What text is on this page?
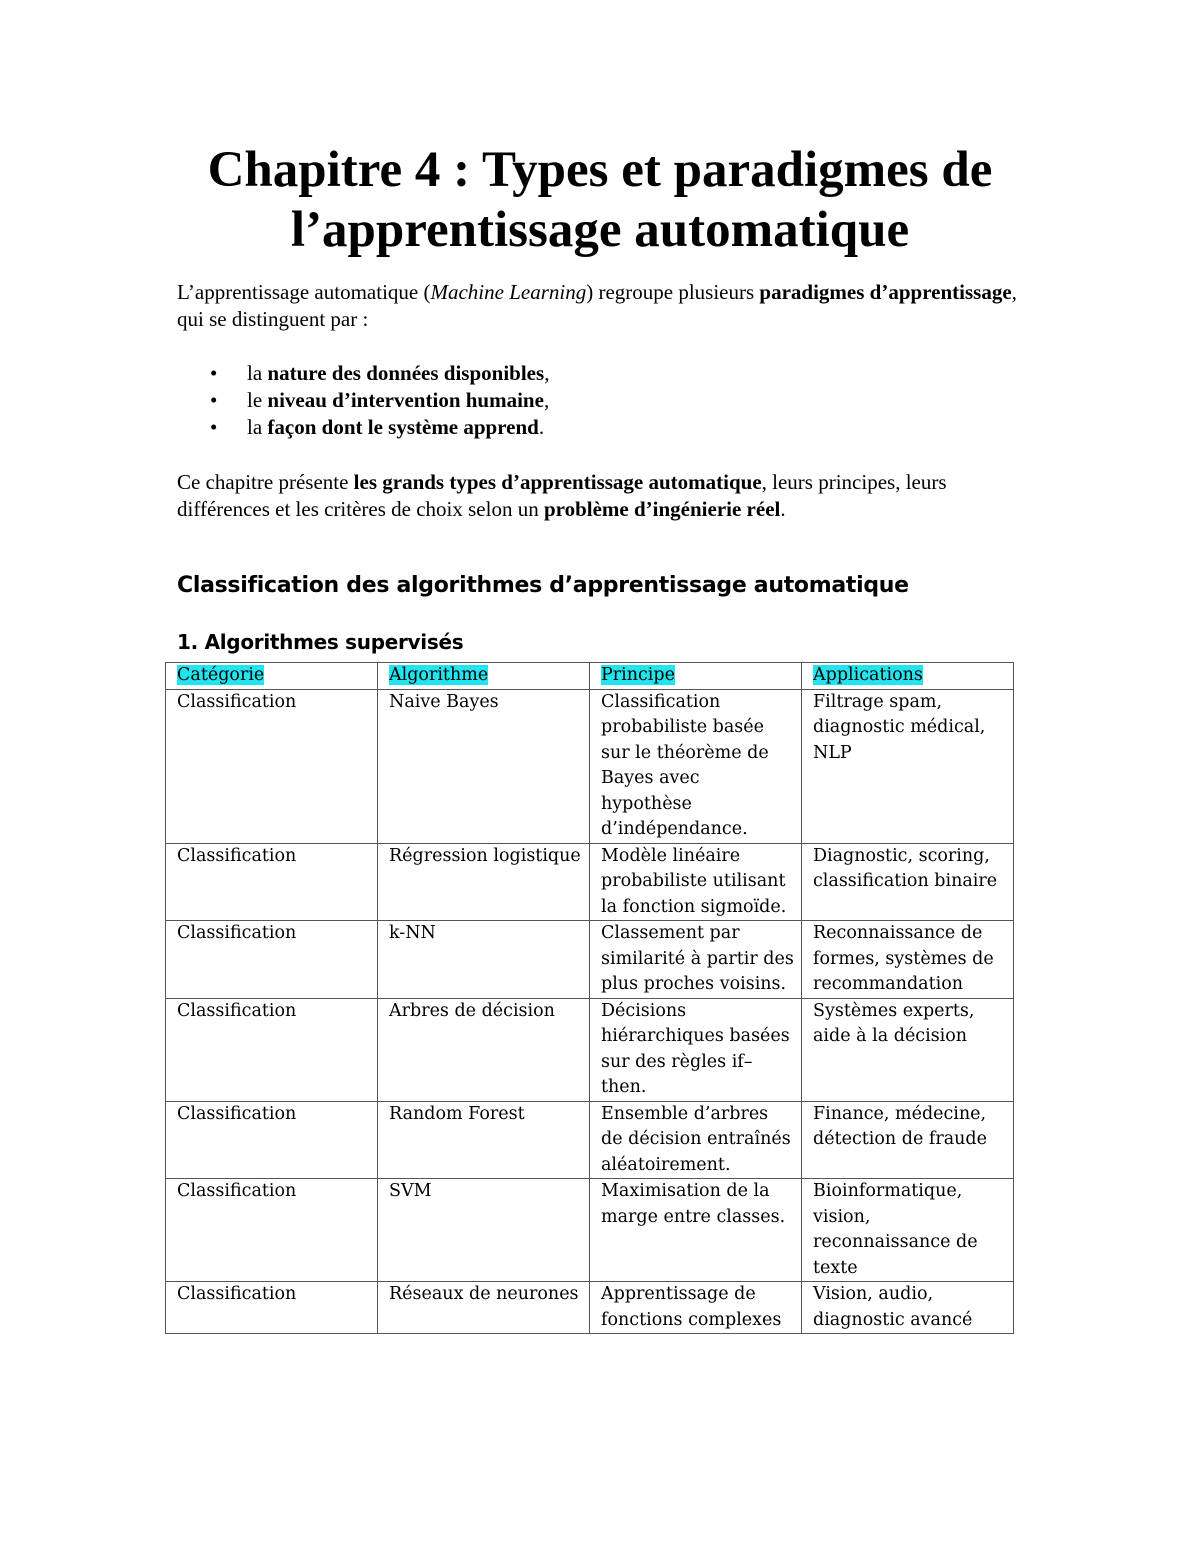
Chapitre 4 : Types et paradigmes de
l’apprentissage automatique

L’apprentissage automatique (Machine Learning) regroupe plusieurs paradigmes d’apprentissage, qui se distinguent par :

• la nature des données disponibles,
• le niveau d’intervention humaine,
• la façon dont le système apprend.

Ce chapitre présente les grands types d’apprentissage automatique, leurs principes, leurs différences et les critères de choix selon un problème d’ingénierie réel.

Classification des algorithmes d’apprentissage automatique
1. Algorithmes supervisés
Catégorie	Algorithme	Principe	Applications
Classification	Naive Bayes	Classification probabiliste basée sur le théorème de Bayes avec hypothèse d’indépendance.	Filtrage spam, diagnostic médical, NLP
Classification	Régression logistique	Modèle linéaire probabiliste utilisant la fonction sigmoïde.	Diagnostic, scoring, classification binaire
Classification	k-NN	Classement par similarité à partir des plus proches voisins.	Reconnaissance de formes, systèmes de recommandation
Classification	Arbres de décision	Décisions hiérarchiques basées sur des règles if–then.	Systèmes experts, aide à la décision
Classification	Random Forest	Ensemble d’arbres de décision entraînés aléatoirement.	Finance, médecine, détection de fraude
Classification	SVM	Maximisation de la marge entre classes.	Bioinformatique, vision, reconnaissance de texte
Classification	Réseaux de neurones	Apprentissage de fonctions complexes	Vision, audio, diagnostic avancé
